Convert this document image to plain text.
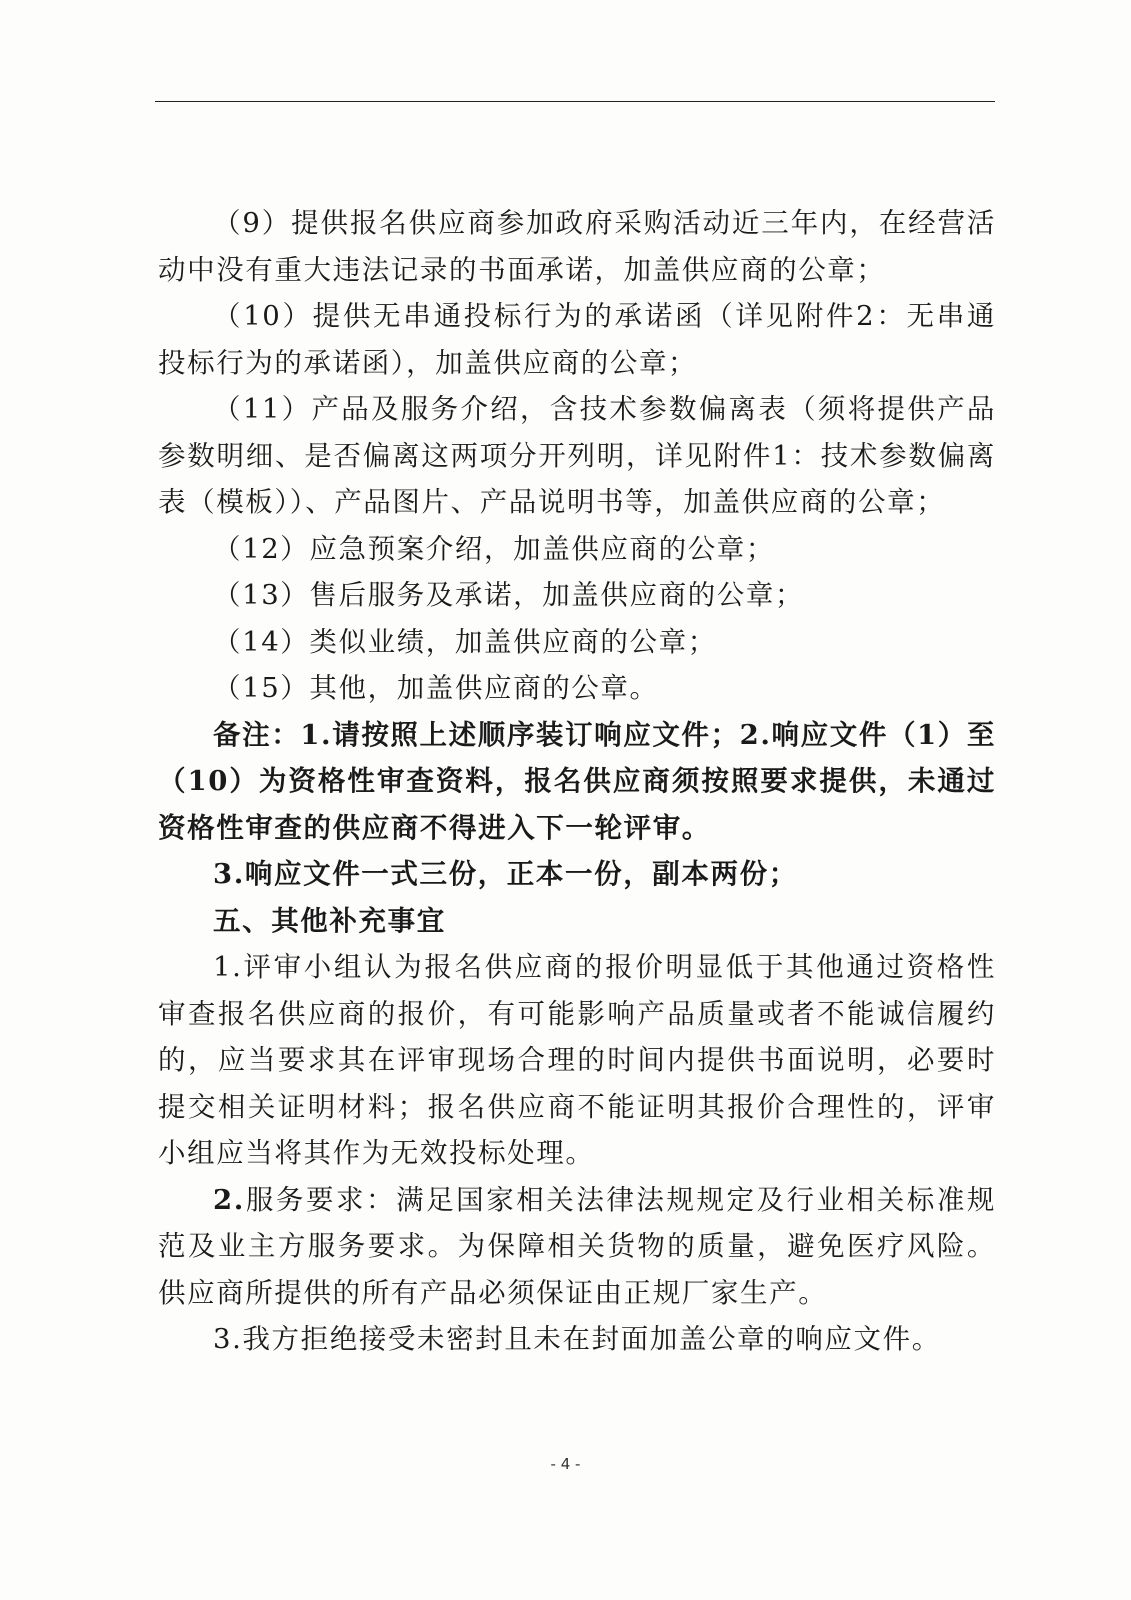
（9）提供报名供应商参加政府采购活动近三年内，在经营活动中没有重大违法记录的书面承诺，加盖供应商的公章；

（10）提供无串通投标行为的承诺函（详见附件2：无串通投标行为的承诺函），加盖供应商的公章；

（11）产品及服务介绍，含技术参数偏离表（须将提供产品参数明细、是否偏离这两项分开列明，详见附件1：技术参数偏离表（模板））、产品图片、产品说明书等，加盖供应商的公章；

（12）应急预案介绍，加盖供应商的公章；

（13）售后服务及承诺，加盖供应商的公章；

（14）类似业绩，加盖供应商的公章；

（15）其他，加盖供应商的公章。

备注：1.请按照上述顺序装订响应文件；2.响应文件（1）至（10）为资格性审查资料，报名供应商须按照要求提供，未通过资格性审查的供应商不得进入下一轮评审。

3.响应文件一式三份，正本一份，副本两份；

五、其他补充事宜

1.评审小组认为报名供应商的报价明显低于其他通过资格性审查报名供应商的报价，有可能影响产品质量或者不能诚信履约的，应当要求其在评审现场合理的时间内提供书面说明，必要时提交相关证明材料；报名供应商不能证明其报价合理性的，评审小组应当将其作为无效投标处理。

2.服务要求：满足国家相关法律法规规定及行业相关标准规范及业主方服务要求。为保障相关货物的质量，避免医疗风险。供应商所提供的所有产品必须保证由正规厂家生产。

3.我方拒绝接受未密封且未在封面加盖公章的响应文件。

- 4 -
